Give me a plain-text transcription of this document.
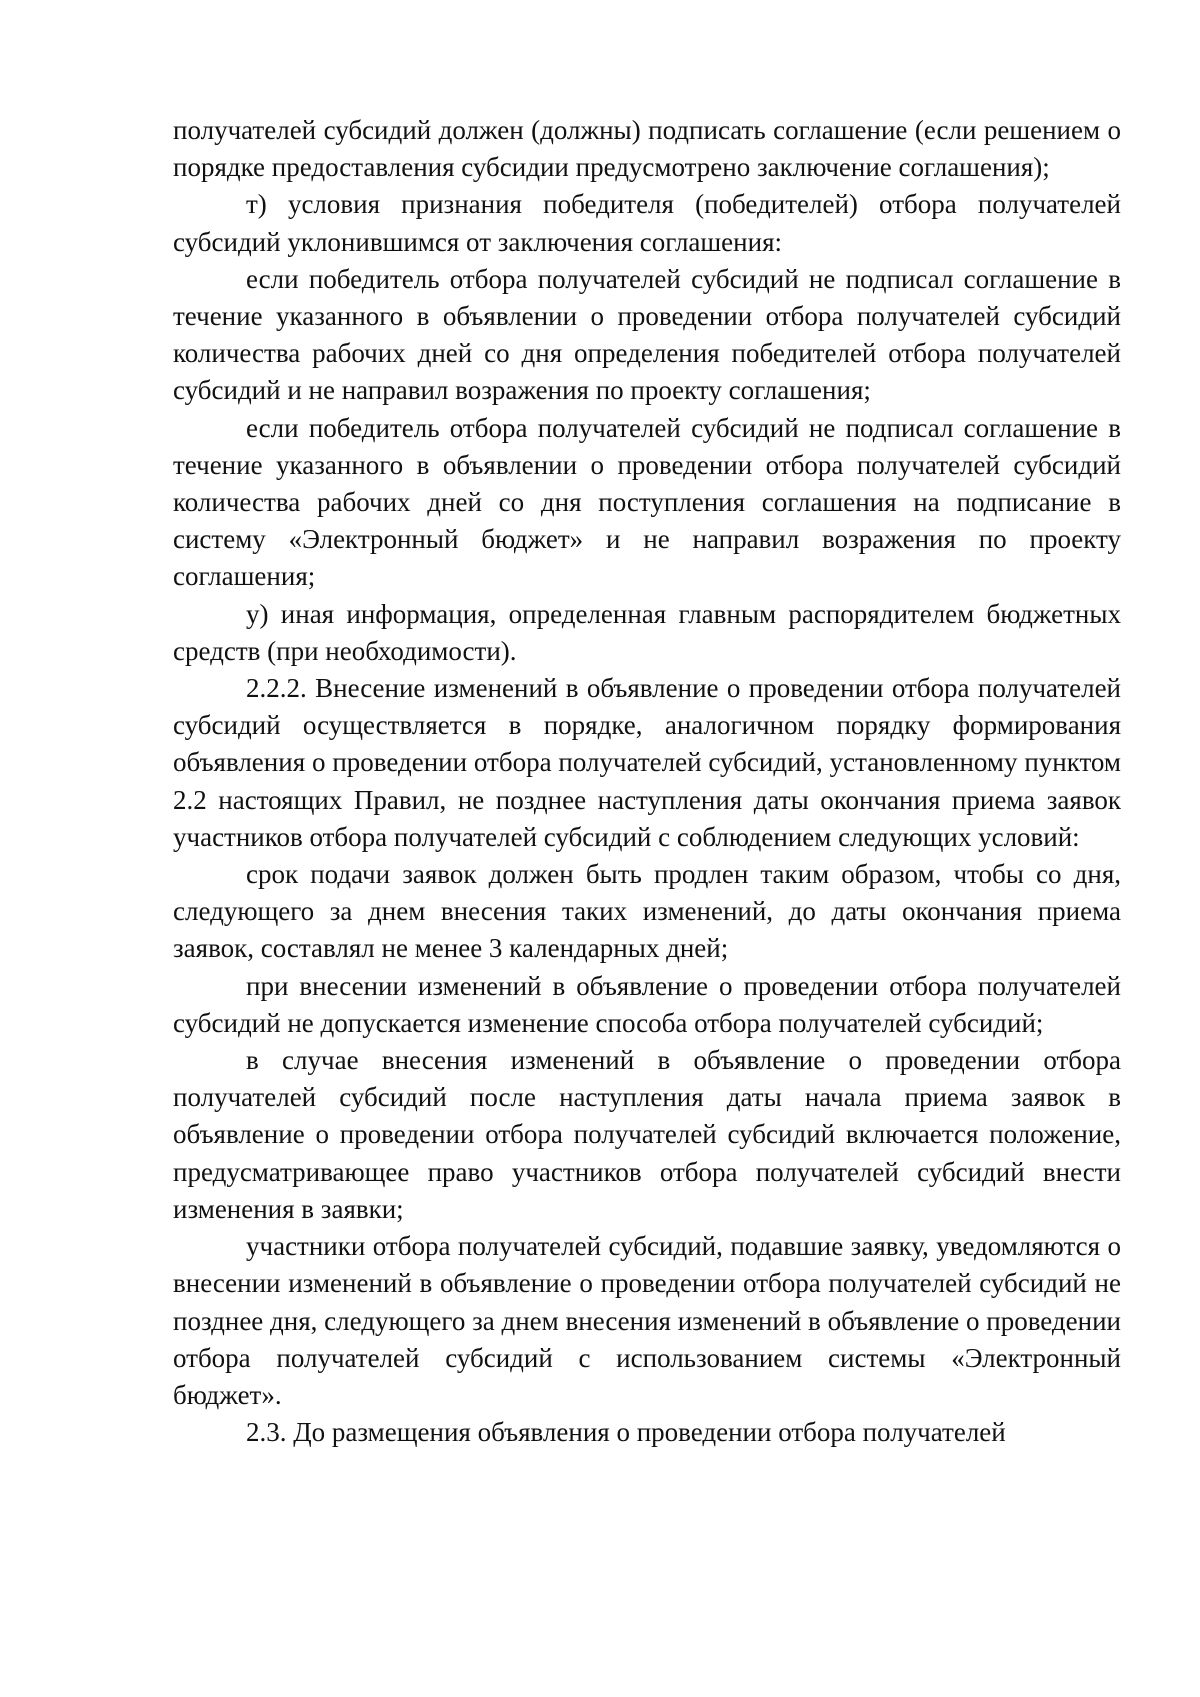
получателей субсидий должен (должны) подписать соглашение (если решением о порядке предоставления субсидии предусмотрено заключение соглашения);

т) условия признания победителя (победителей) отбора получателей субсидий уклонившимся от заключения соглашения:

если победитель отбора получателей субсидий не подписал соглашение в течение указанного в объявлении о проведении отбора получателей субсидий количества рабочих дней со дня определения победителей отбора получателей субсидий и не направил возражения по проекту соглашения;

если победитель отбора получателей субсидий не подписал соглашение в течение указанного в объявлении о проведении отбора получателей субсидий количества рабочих дней со дня поступления соглашения на подписание в систему «Электронный бюджет» и не направил возражения по проекту соглашения;

у) иная информация, определенная главным распорядителем бюджетных средств (при необходимости).

2.2.2. Внесение изменений в объявление о проведении отбора получателей субсидий осуществляется в порядке, аналогичном порядку формирования объявления о проведении отбора получателей субсидий, установленному пунктом 2.2 настоящих Правил, не позднее наступления даты окончания приема заявок участников отбора получателей субсидий с соблюдением следующих условий:

срок подачи заявок должен быть продлен таким образом, чтобы со дня, следующего за днем внесения таких изменений, до даты окончания приема заявок, составлял не менее 3 календарных дней;

при внесении изменений в объявление о проведении отбора получателей субсидий не допускается изменение способа отбора получателей субсидий;

в случае внесения изменений в объявление о проведении отбора получателей субсидий после наступления даты начала приема заявок в объявление о проведении отбора получателей субсидий включается положение, предусматривающее право участников отбора получателей субсидий внести изменения в заявки;

участники отбора получателей субсидий, подавшие заявку, уведомляются о внесении изменений в объявление о проведении отбора получателей субсидий не позднее дня, следующего за днем внесения изменений в объявление о проведении отбора получателей субсидий с использованием системы «Электронный бюджет».

2.3. До размещения объявления о проведении отбора получателей
